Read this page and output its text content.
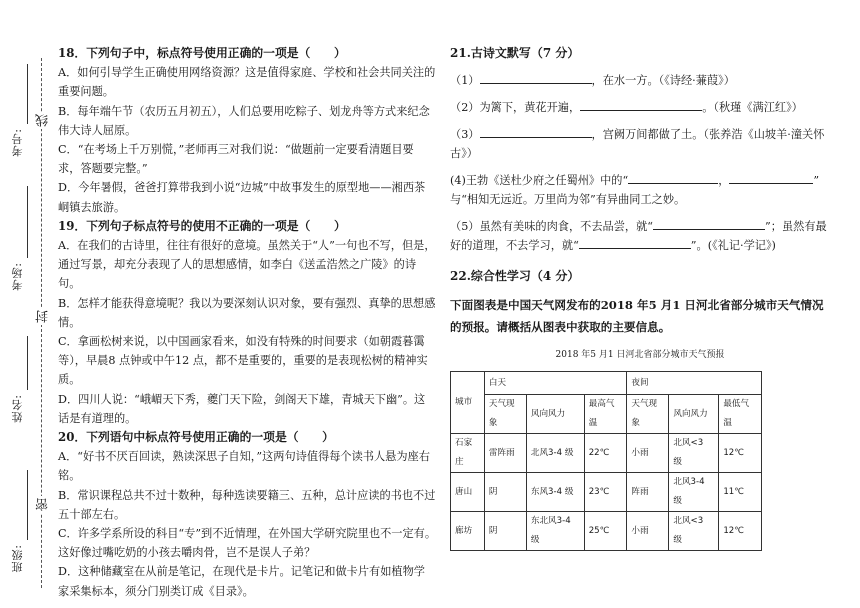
考号:
线
考场:
封
姓名:
密
班级:

18．下列句子中，标点符号使用正确的一项是（　　）

A．如何引导学生正确使用网络资源？这是值得家庭、学校和社会共同关注的重要问题。

B．每年端午节（农历五月初五），人们总要用吃粽子、划龙舟等方式来纪念伟大诗人屈原。

C．“在考场上千万别慌，”老师再三对我们说：“做题前一定要看清题目要求，答题要完整。”

D．今年暑假，爸爸打算带我到小说“边城”中故事发生的原型地——湘西茶峒镇去旅游。

19．下列句子标点符号的使用不正确的一项是（　　）

A．在我们的古诗里，往往有很好的意境。虽然关于“人”一句也不写，但是，通过写景，却充分表现了人的思想感情，如李白《送孟浩然之广陵》的诗句。

B．怎样才能获得意境呢？我以为要深刻认识对象，要有强烈、真挚的思想感情。

C．拿画松树来说，以中国画家看来，如没有特殊的时间要求（如朝霞暮霭等），早晨8 点钟或中午12 点，都不是重要的，重要的是表现松树的精神实质。

D．四川人说：“峨嵋天下秀，夔门天下险，剑阁天下雄，青城天下幽”。这话是有道理的。

20．下列语句中标点符号使用正确的一项是（　　）

A．“好书不厌百回读，熟读深思子自知，”这两句诗值得每个读书人悬为座右铭。

B．常识课程总共不过十数种，每种选读要籍三、五种，总计应读的书也不过五十部左右。

C．许多学系所设的科目“专”到不近情理，在外国大学研究院里也不一定有。这好像过嘴吃奶的小孩去嚼肉骨，岂不是误人子弟？

D．这种储藏室在从前是笔记，在现代是卡片。记笔记和做卡片有如植物学家采集标本，须分门别类订成《目录》。

21.古诗文默写（7 分）

（1）	，在水一方。（《诗经·蒹葭》）

（2）为篱下，黄花开遍，	。（秋瑾《满江红》）

（3）	，宫阙万间都做了土。（张养浩《山坡羊·潼关怀古》）

(4)王勃《送杜少府之任蜀州》中的“	，	”

与“相知无远近。万里尚为邻”有异曲同工之妙。

（5）虽然有美味的肉食，不去品尝，就“	”；虽然有最好的道理，不去学习，就“	”。(《礼记·学记》)

22.综合性学习（4 分）

下面图表是中国天气网发布的2018 年5 月1 日河北省部分城市天气情况的预报。请概括从图表中获取的主要信息。

2018 年5 月1 日河北省部分城市天气预报

城市	白天			夜间		
	天气现象	风向风力	最高气温	天气现象	风向风力	最低气温
石家庄	雷阵雨	北风3-4 级	22℃	小雨	北风<3 级	12℃
唐山	阴	东风3-4 级	23℃	阵雨	北风3-4 级	11℃
廊坊	阴	东北风3-4 级	25℃	小雨	北风<3 级	12℃
